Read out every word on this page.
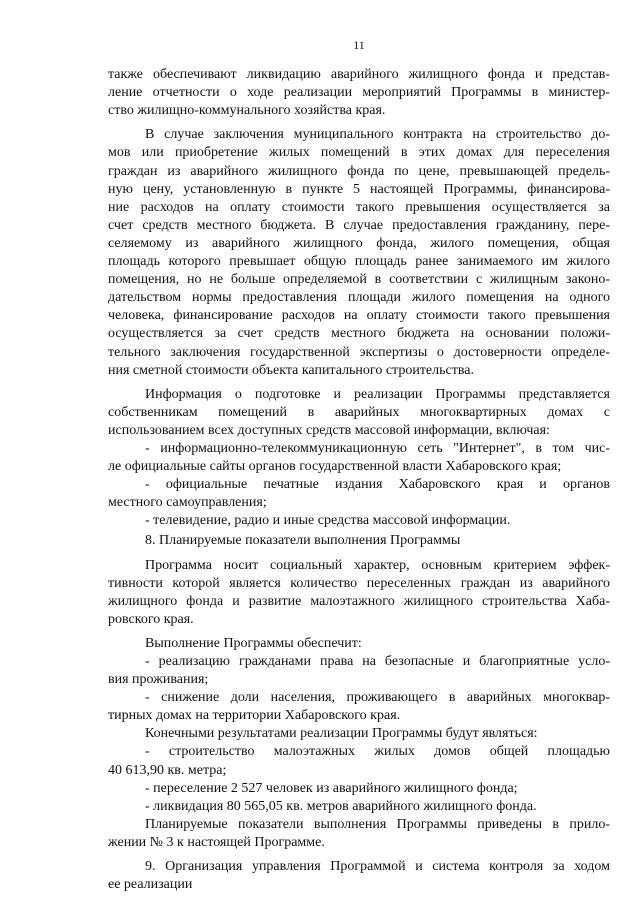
11
также обеспечивают ликвидацию аварийного жилищного фонда и представ-
ление отчетности о ходе реализации мероприятий Программы в министер-
ство жилищно-коммунального хозяйства края.
В случае заключения муниципального контракта на строительство до-
мов или приобретение жилых помещений в этих домах для переселения
граждан из аварийного жилищного фонда по цене, превышающей предель-
ную цену, установленную в пункте 5 настоящей Программы, финансирова-
ние расходов на оплату стоимости такого превышения осуществляется за
счет средств местного бюджета. В случае предоставления гражданину, пере-
селяемому из аварийного жилищного фонда, жилого помещения, общая
площадь которого превышает общую площадь ранее занимаемого им жилого
помещения, но не больше определяемой в соответствии с жилищным законо-
дательством нормы предоставления площади жилого помещения на одного
человека, финансирование расходов на оплату стоимости такого превышения
осуществляется за счет средств местного бюджета на основании положи-
тельного заключения государственной экспертизы о достоверности определе-
ния сметной стоимости объекта капитального строительства.
Информация о подготовке и реализации Программы представляется
собственникам помещений в аварийных многоквартирных домах с
использованием всех доступных средств массовой информации, включая:
- информационно-телекоммуникационную сеть "Интернет", в том чис-
ле официальные сайты органов государственной власти Хабаровского края;
- официальные печатные издания Хабаровского края и органов
местного самоуправления;
- телевидение, радио и иные средства массовой информации.
8. Планируемые показатели выполнения Программы
Программа носит социальный характер, основным критерием эффек-
тивности которой является количество переселенных граждан из аварийного
жилищного фонда и развитие малоэтажного жилищного строительства Хаба-
ровского края.
Выполнение Программы обеспечит:
- реализацию гражданами права на безопасные и благоприятные усло-
вия проживания;
- снижение доли населения, проживающего в аварийных многоквар-
тирных домах на территории Хабаровского края.
Конечными результатами реализации Программы будут являться:
- строительство малоэтажных жилых домов общей площадью
40 613,90 кв. метра;
- переселение 2 527 человек из аварийного жилищного фонда;
- ликвидация 80 565,05 кв. метров аварийного жилищного фонда.
Планируемые показатели выполнения Программы приведены в прило-
жении № 3 к настоящей Программе.
9. Организация управления Программой и система контроля за ходом
ее реализации
